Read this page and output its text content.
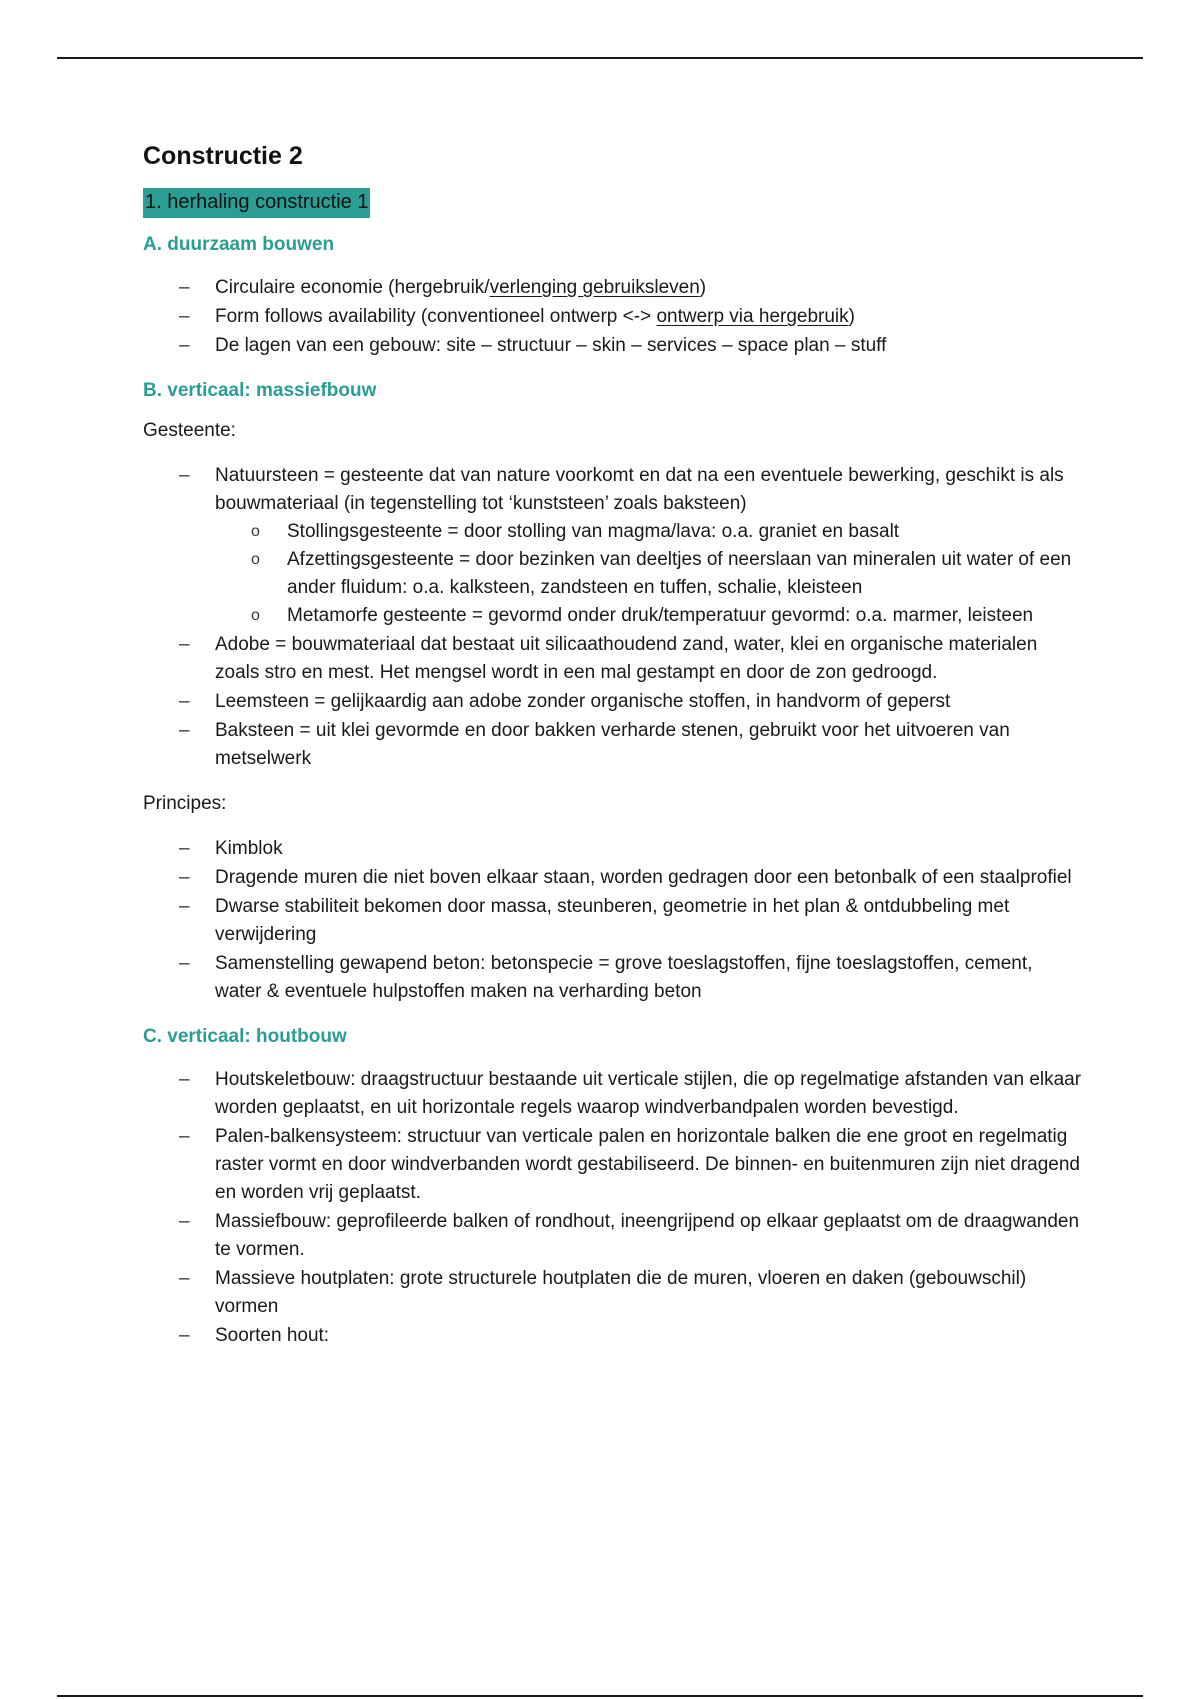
Constructie 2
1. herhaling constructie 1
A. duurzaam bouwen
– Circulaire economie (hergebruik/verlenging gebruiksleven)
– Form follows availability (conventioneel ontwerp <-> ontwerp via hergebruik)
– De lagen van een gebouw: site – structuur – skin – services – space plan – stuff
B. verticaal: massiefbouw
Gesteente:
– Natuursteen = gesteente dat van nature voorkomt en dat na een eventuele bewerking, geschikt is als bouwmateriaal (in tegenstelling tot ‘kunststeen’ zoals baksteen)
o Stollingsgesteente = door stolling van magma/lava: o.a. graniet en basalt
o Afzettingsgesteente = door bezinken van deeltjes of neerslaan van mineralen uit water of een ander fluidum: o.a. kalksteen, zandsteen en tuffen, schalie, kleisteen
o Metamorfe gesteente = gevormd onder druk/temperatuur gevormd: o.a. marmer, leisteen
– Adobe = bouwmateriaal dat bestaat uit silicaathoudend zand, water, klei en organische materialen zoals stro en mest. Het mengsel wordt in een mal gestampt en door de zon gedroogd.
– Leemsteen = gelijkaardig aan adobe zonder organische stoffen, in handvorm of geperst
– Baksteen = uit klei gevormde en door bakken verharde stenen, gebruikt voor het uitvoeren van metselwerk
Principes:
– Kimblok
– Dragende muren die niet boven elkaar staan, worden gedragen door een betonbalk of een staalprofiel
– Dwarse stabiliteit bekomen door massa, steunberen, geometrie in het plan & ontdubbeling met verwijdering
– Samenstelling gewapend beton: betonspecie = grove toeslagstoffen, fijne toeslagstoffen, cement, water & eventuele hulpstoffen maken na verharding beton
C. verticaal: houtbouw
– Houtskeletbouw: draagstructuur bestaande uit verticale stijlen, die op regelmatige afstanden van elkaar worden geplaatst, en uit horizontale regels waarop windverbandpalen worden bevestigd.
– Palen-balkensysteem: structuur van verticale palen en horizontale balken die ene groot en regelmatig raster vormt en door windverbanden wordt gestabiliseerd. De binnen- en buitenmuren zijn niet dragend en worden vrij geplaatst.
– Massiefbouw: geprofileerde balken of rondhout, ineengrijpend op elkaar geplaatst om de draagwanden te vormen.
– Massieve houtplaten: grote structurele houtplaten die de muren, vloeren en daken (gebouwschil) vormen
– Soorten hout:
